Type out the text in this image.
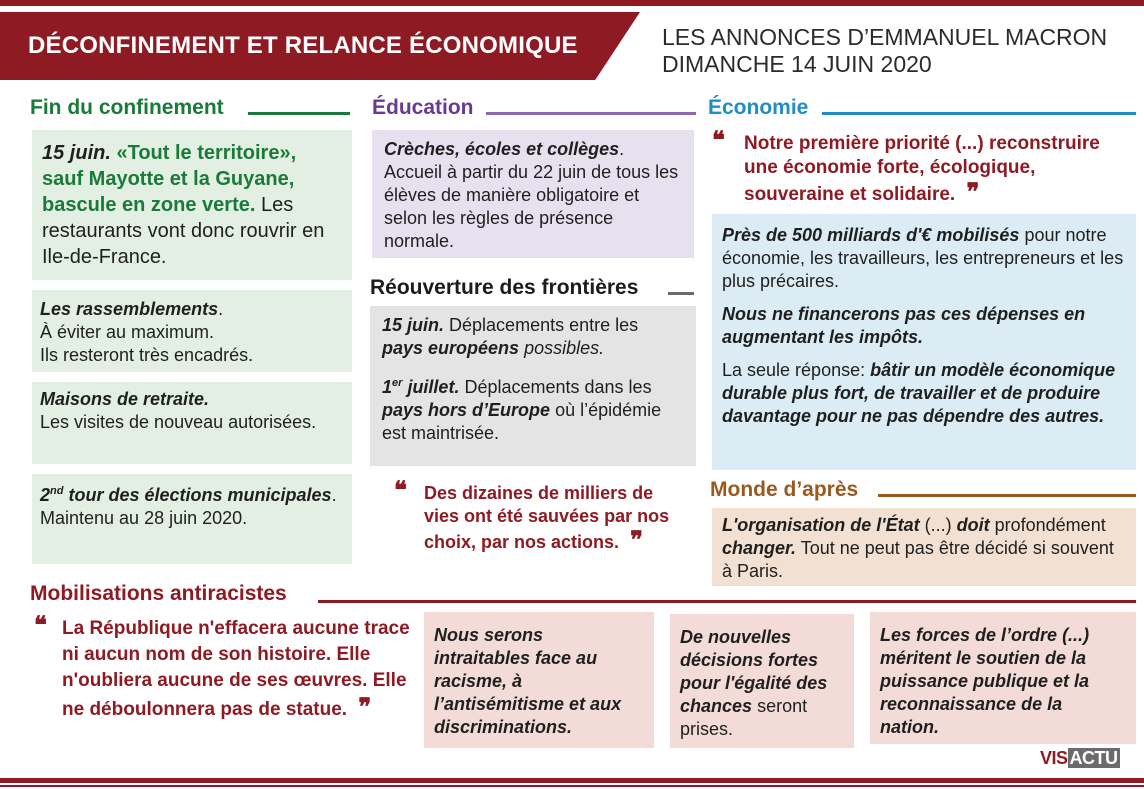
DÉCONFINEMENT ET RELANCE ÉCONOMIQUE	LES ANNONCES D’EMMANUEL MACRON
DIMANCHE 14 JUIN 2020
Fin du confinement
15 juin. «Tout le territoire», sauf Mayotte et la Guyane, bascule en zone verte. Les restaurants vont donc rouvrir en Ile-de-France.
Les rassemblements.
À éviter au maximum.
Ils resteront très encadrés.
Maisons de retraite.
Les visites de nouveau autorisées.
2nd tour des élections municipales.
Maintenu au 28 juin 2020.
Éducation
Crèches, écoles et collèges.
Accueil à partir du 22 juin de tous les élèves de manière obligatoire et selon les règles de présence normale.
Réouverture des frontières
15 juin. Déplacements entre les pays européens possibles.
1er juillet. Déplacements dans les pays hors d’Europe où l’épidémie est maintrisée.
❝ Des dizaines de milliers de vies ont été sauvées par nos choix, par nos actions. ❞
Économie
❝ Notre première priorité (...) reconstruire une économie forte, écologique, souveraine et solidaire. ❞
Près de 500 milliards d'€ mobilisés pour notre économie, les travailleurs, les entrepreneurs et les plus précaires.
Nous ne financerons pas ces dépenses en augmentant les impôts.
La seule réponse: bâtir un modèle économique durable plus fort, de travailler et de produire davantage pour ne pas dépendre des autres.
Monde d’après
L'organisation de l'État (...) doit profondément changer. Tout ne peut pas être décidé si souvent à Paris.
Mobilisations antiracistes
❝ La République n'effacera aucune trace ni aucun nom de son histoire. Elle n'oubliera aucune de ses œuvres. Elle ne déboulonnera pas de statue. ❞
Nous serons intraitables face au racisme, à l’antisémitisme et aux discriminations.
De nouvelles décisions fortes pour l'égalité des chances seront prises.
Les forces de l’ordre (...) méritent le soutien de la puissance publique et la reconnaissance de la nation.
VIS ACTU
